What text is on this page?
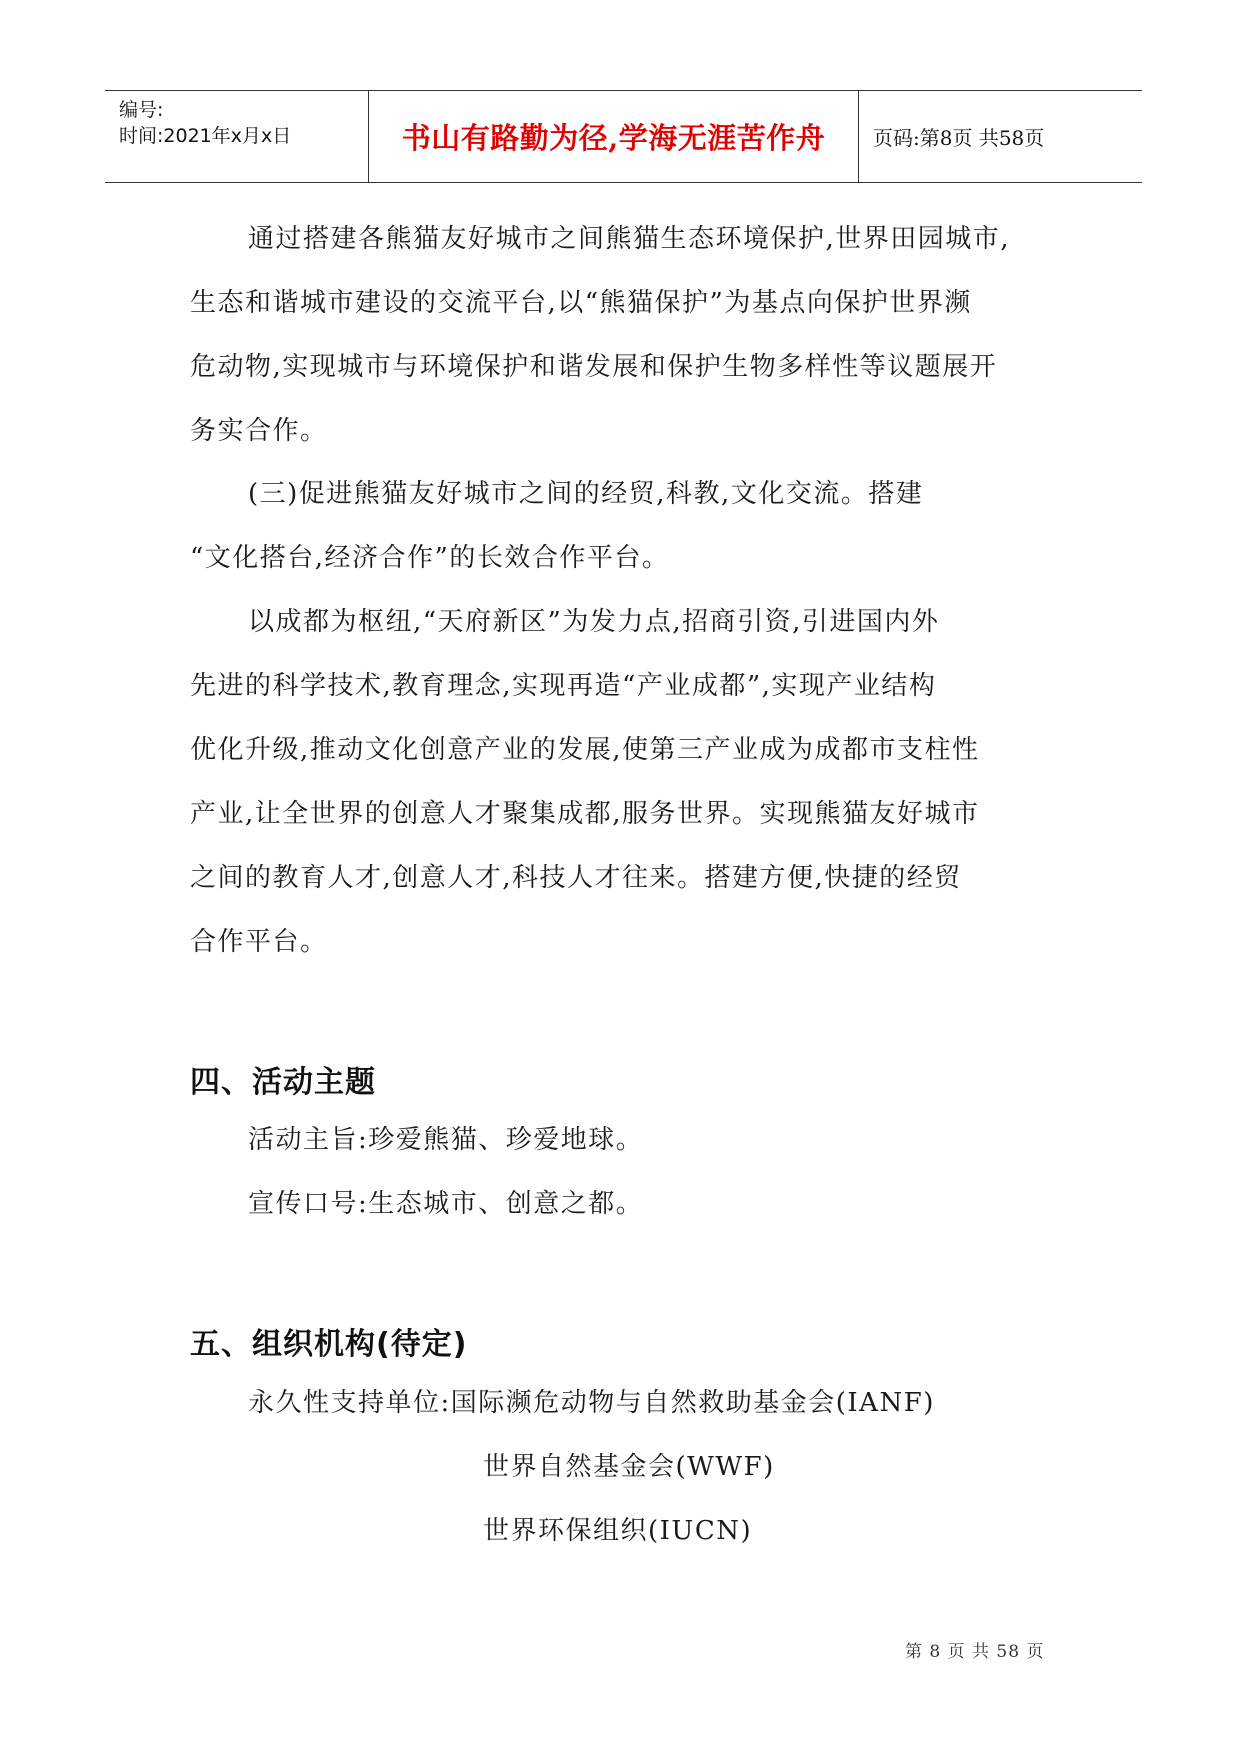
编号:
时间:2021年x月x日	书山有路勤为径,学海无涯苦作舟	页码:第8页 共58页
通过搭建各熊猫友好城市之间熊猫生态环境保护,世界田园城市,
生态和谐城市建设的交流平台,以“熊猫保护”为基点向保护世界濒
危动物,实现城市与环境保护和谐发展和保护生物多样性等议题展开
务实合作。
(三)促进熊猫友好城市之间的经贸,科教,文化交流。搭建
“文化搭台,经济合作”的长效合作平台。
以成都为枢纽,“天府新区”为发力点,招商引资,引进国内外
先进的科学技术,教育理念,实现再造“产业成都”,实现产业结构
优化升级,推动文化创意产业的发展,使第三产业成为成都市支柱性
产业,让全世界的创意人才聚集成都,服务世界。实现熊猫友好城市
之间的教育人才,创意人才,科技人才往来。搭建方便,快捷的经贸
合作平台。
四、活动主题
活动主旨:珍爱熊猫、珍爱地球。
宣传口号:生态城市、创意之都。
五、组织机构(待定)
永久性支持单位:国际濒危动物与自然救助基金会(IANF)
世界自然基金会(WWF)
世界环保组织(IUCN)
第 8 页 共 58 页
